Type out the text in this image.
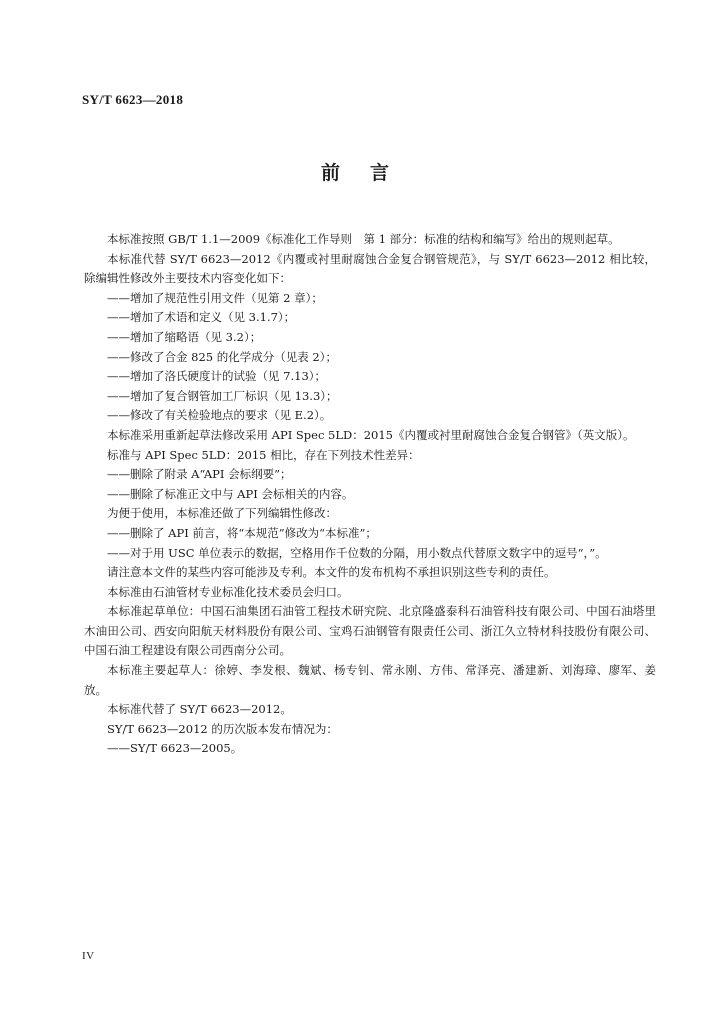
SY/T 6623—2018
前言

本标准按照 GB/T 1.1—2009《标准化工作导则　第 1 部分：标准的结构和编写》给出的规则起草。

本标准代替 SY/T 6623—2012《内覆或衬里耐腐蚀合金复合钢管规范》，与 SY/T 6623—2012 相比较，除编辑性修改外主要技术内容变化如下：

——增加了规范性引用文件（见第 2 章）；

——增加了术语和定义（见 3.1.7）；

——增加了缩略语（见 3.2）；

——修改了合金 825 的化学成分（见表 2）；

——增加了洛氏硬度计的试验（见 7.13）；

——增加了复合钢管加工厂标识（见 13.3）；

——修改了有关检验地点的要求（见 E.2）。

本标准采用重新起草法修改采用 API Spec 5LD：2015《内覆或衬里耐腐蚀合金复合钢管》（英文版）。

标准与 API Spec 5LD：2015 相比，存在下列技术性差异：

——删除了附录 A“API 会标纲要”；

——删除了标准正文中与 API 会标相关的内容。

为便于使用，本标准还做了下列编辑性修改：

——删除了 API 前言，将“本规范”修改为“本标准”；

——对于用 USC 单位表示的数据，空格用作千位数的分隔，用小数点代替原文数字中的逗号“，”。

请注意本文件的某些内容可能涉及专利。本文件的发布机构不承担识别这些专利的责任。

本标准由石油管材专业标准化技术委员会归口。

本标准起草单位：中国石油集团石油管工程技术研究院、北京隆盛泰科石油管科技有限公司、中国石油塔里木油田公司、西安向阳航天材料股份有限公司、宝鸡石油钢管有限责任公司、浙江久立特材科技股份有限公司、中国石油工程建设有限公司西南分公司。

本标准主要起草人：徐婷、李发根、魏斌、杨专钊、常永刚、方伟、常泽亮、潘建新、刘海璋、廖军、姜放。

本标准代替了 SY/T 6623—2012。

SY/T 6623—2012 的历次版本发布情况为：

——SY/T 6623—2005。

IV
